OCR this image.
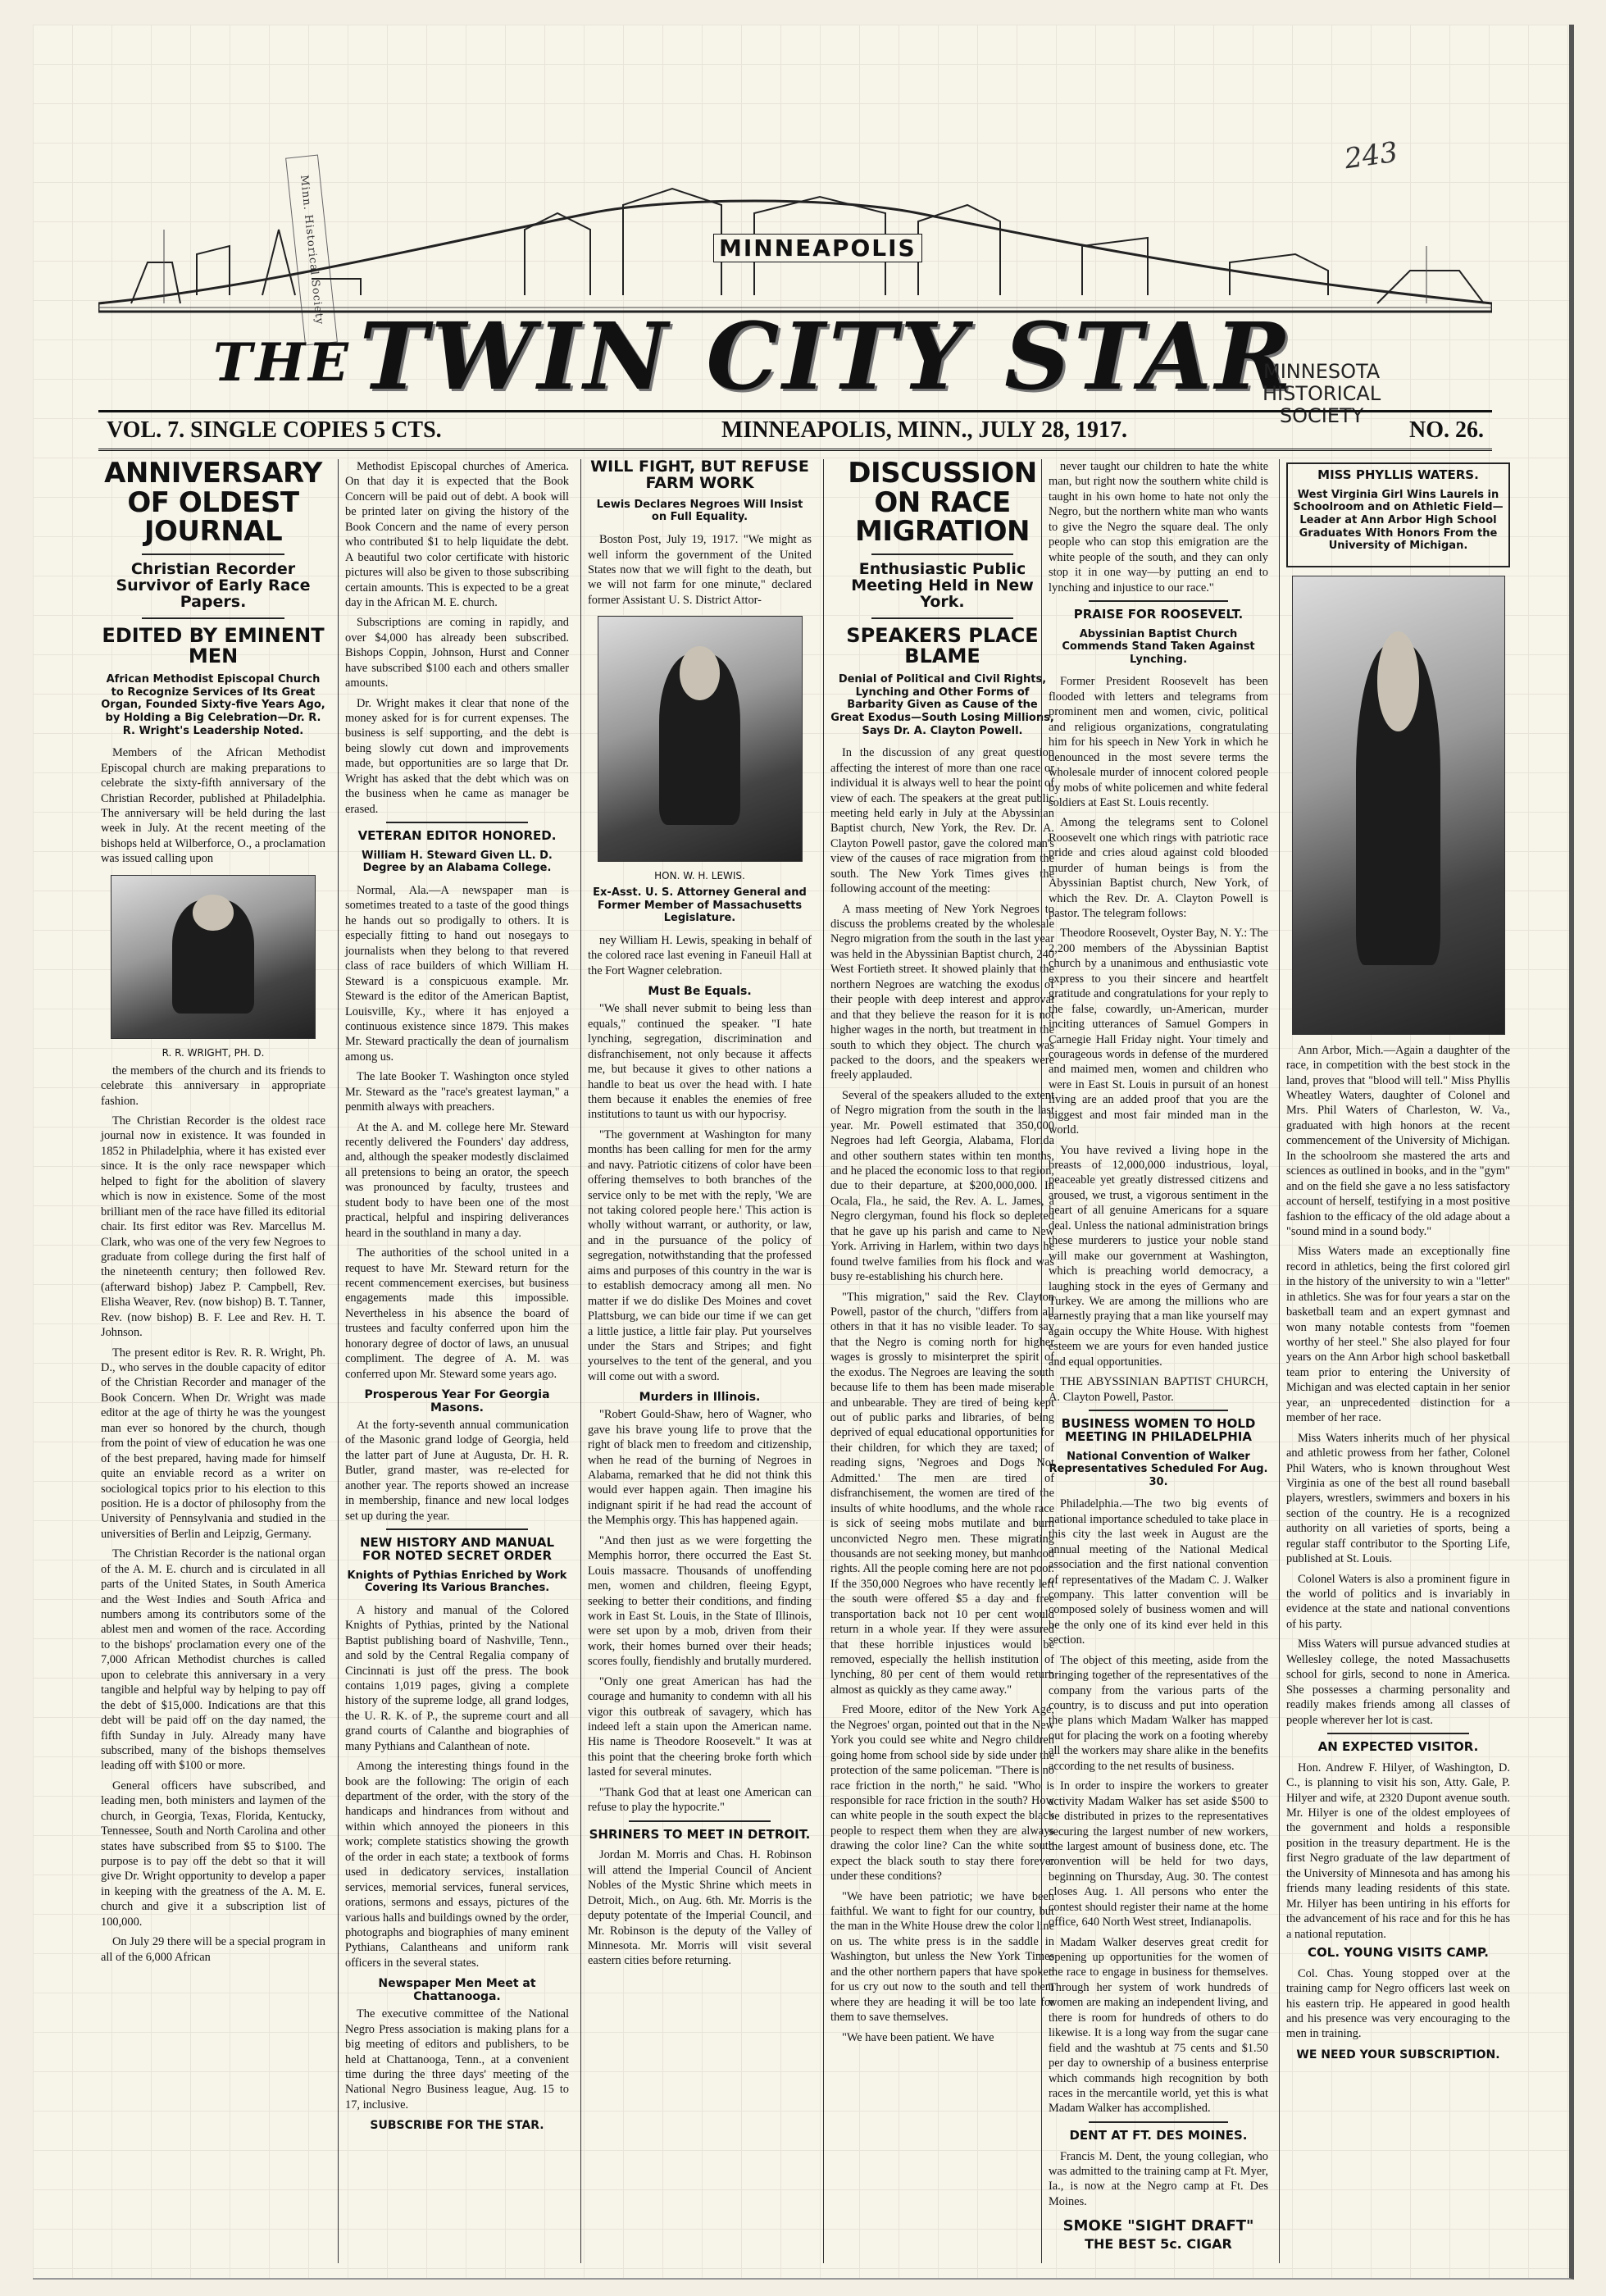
243
Minn. Historical Society	MINNEAPOLIS
THE TWIN CITY STAR
MINNESOTA
HISTORICAL
SOCIETY
VOL. 7. SINGLE COPIES 5 CTS.	MINNEAPOLIS, MINN., JULY 28, 1917.	NO. 26.
ANNIVERSARY OF OLDEST JOURNAL
Christian Recorder Survivor of Early Race Papers.
EDITED BY EMINENT MEN
African Methodist Episcopal Church to Recognize Services of Its Great Organ, Founded Sixty-five Years Ago, by Holding a Big Celebration—Dr. R. R. Wright's Leadership Noted.
Members of the African Methodist Episcopal church are making preparations to celebrate the sixty-fifth anniversary of the Christian Recorder, published at Philadelphia. The anniversary will be held during the last week in July. At the recent meeting of the bishops held at Wilberforce, O., a proclamation was issued calling upon
R. R. WRIGHT, PH. D.
the members of the church and its friends to celebrate this anniversary in appropriate fashion.
The Christian Recorder is the oldest race journal now in existence. It was founded in 1852 in Philadelphia, where it has existed ever since. It is the only race newspaper which helped to fight for the abolition of slavery which is now in existence. Some of the most brilliant men of the race have filled its editorial chair. Its first editor was Rev. Marcellus M. Clark, who was one of the very few Negroes to graduate from college during the first half of the nineteenth century; then followed Rev. (afterward bishop) Jabez P. Campbell, Rev. Elisha Weaver, Rev. (now bishop) B. T. Tanner, Rev. (now bishop) B. F. Lee and Rev. H. T. Johnson.
The present editor is Rev. R. R. Wright, Ph. D., who serves in the double capacity of editor of the Christian Recorder and manager of the Book Concern. When Dr. Wright was made editor at the age of thirty he was the youngest man ever so honored by the church, though from the point of view of education he was one of the best prepared, having made for himself quite an enviable record as a writer on sociological topics prior to his election to this position. He is a doctor of philosophy from the University of Pennsylvania and studied in the universities of Berlin and Leipzig, Germany.
The Christian Recorder is the national organ of the A. M. E. church and is circulated in all parts of the United States, in South America and the West Indies and South Africa and numbers among its contributors some of the ablest men and women of the race. According to the bishops' proclamation every one of the 7,000 African Methodist churches is called upon to celebrate this anniversary in a very tangible and helpful way by helping to pay off the debt of $15,000. Indications are that this debt will be paid off on the day named, the fifth Sunday in July. Already many have subscribed, many of the bishops themselves leading off with $100 or more.
General officers have subscribed, and leading men, both ministers and laymen of the church, in Georgia, Texas, Florida, Kentucky, Tennessee, South and North Carolina and other states have subscribed from $5 to $100. The purpose is to pay off the debt so that it will give Dr. Wright opportunity to develop a paper in keeping with the greatness of the A. M. E. church and give it a subscription list of 100,000.
On July 29 there will be a special program in all of the 6,000 African
Methodist Episcopal churches of America. On that day it is expected that the Book Concern will be paid out of debt. A book will be printed later on giving the history of the Book Concern and the name of every person who contributed $1 to help liquidate the debt. A beautiful two color certificate with historic pictures will also be given to those subscribing certain amounts. This is expected to be a great day in the African M. E. church.
Subscriptions are coming in rapidly, and over $4,000 has already been subscribed. Bishops Coppin, Johnson, Hurst and Conner have subscribed $100 each and others smaller amounts.
Dr. Wright makes it clear that none of the money asked for is for current expenses. The business is self supporting, and the debt is being slowly cut down and improvements made, but opportunities are so large that Dr. Wright has asked that the debt which was on the business when he came as manager be erased.
VETERAN EDITOR HONORED.
William H. Steward Given LL. D. Degree by an Alabama College.
Normal, Ala.—A newspaper man is sometimes treated to a taste of the good things he hands out so prodigally to others. It is especially fitting to hand out nosegays to journalists when they belong to that revered class of race builders of which William H. Steward is a conspicuous example. Mr. Steward is the editor of the American Baptist, Louisville, Ky., where it has enjoyed a continuous existence since 1879. This makes Mr. Steward practically the dean of journalism among us.
The late Booker T. Washington once styled Mr. Steward as the "race's greatest layman," a penmith always with preachers.
At the A. and M. college here Mr. Steward recently delivered the Founders' day address, and, although the speaker modestly disclaimed all pretensions to being an orator, the speech was pronounced by faculty, trustees and student body to have been one of the most practical, helpful and inspiring deliverances heard in the southland in many a day.
The authorities of the school united in a request to have Mr. Steward return for the recent commencement exercises, but business engagements made this impossible. Nevertheless in his absence the board of trustees and faculty conferred upon him the honorary degree of doctor of laws, an unusual compliment. The degree of A. M. was conferred upon Mr. Steward some years ago.
Prosperous Year For Georgia Masons.
At the forty-seventh annual communication of the Masonic grand lodge of Georgia, held the latter part of June at Augusta, Dr. H. R. Butler, grand master, was re-elected for another year. The reports showed an increase in membership, finance and new local lodges set up during the year.
NEW HISTORY AND MANUAL FOR NOTED SECRET ORDER
Knights of Pythias Enriched by Work Covering Its Various Branches.
A history and manual of the Colored Knights of Pythias, printed by the National Baptist publishing board of Nashville, Tenn., and sold by the Central Regalia company of Cincinnati is just off the press. The book contains 1,019 pages, giving a complete history of the supreme lodge, all grand lodges, the U. R. K. of P., the supreme court and all grand courts of Calanthe and biographies of many Pythians and Calanthean of note.
Among the interesting things found in the book are the following: The origin of each department of the order, with the story of the handicaps and hindrances from without and within which annoyed the pioneers in this work; complete statistics showing the growth of the order in each state; a textbook of forms used in dedicatory services, installation services, memorial services, funeral services, orations, sermons and essays, pictures of the various halls and buildings owned by the order, photographs and biographies of many eminent Pythians, Calantheans and uniform rank officers in the several states.
Newspaper Men Meet at Chattanooga.
The executive committee of the National Negro Press association is making plans for a big meeting of editors and publishers, to be held at Chattanooga, Tenn., at a convenient time during the three days' meeting of the National Negro Business league, Aug. 15 to 17, inclusive.
SUBSCRIBE FOR THE STAR.
WILL FIGHT, BUT REFUSE FARM WORK
Lewis Declares Negroes Will Insist on Full Equality.
Boston Post, July 19, 1917. "We might as well inform the government of the United States now that we will fight to the death, but we will not farm for one minute," declared former Assistant U. S. District Attor-
HON. W. H. LEWIS.
Ex-Asst. U. S. Attorney General and Former Member of Massachusetts Legislature.
ney William H. Lewis, speaking in behalf of the colored race last evening in Faneuil Hall at the Fort Wagner celebration.
Must Be Equals.
"We shall never submit to being less than equals," continued the speaker. "I hate lynching, segregation, discrimination and disfranchisement, not only because it affects me, but because it gives to other nations a handle to beat us over the head with. I hate them because it enables the enemies of free institutions to taunt us with our hypocrisy.
"The government at Washington for many months has been calling for men for the army and navy. Patriotic citizens of color have been offering themselves to both branches of the service only to be met with the reply, 'We are not taking colored people here.' This action is wholly without warrant, or authority, or law, and in the pursuance of the policy of segregation, notwithstanding that the professed aims and purposes of this country in the war is to establish democracy among all men. No matter if we do dislike Des Moines and covet Plattsburg, we can bide our time if we can get a little justice, a little fair play. Put yourselves under the Stars and Stripes; and fight yourselves to the tent of the general, and you will come out with a sword.
Murders in Illinois.
"Robert Gould-Shaw, hero of Wagner, who gave his brave young life to prove that the right of black men to freedom and citizenship, when he read of the burning of Negroes in Alabama, remarked that he did not think this would ever happen again. Then imagine his indignant spirit if he had read the account of the Memphis orgy. This has happened again.
"And then just as we were forgetting the Memphis horror, there occurred the East St. Louis massacre. Thousands of unoffending men, women and children, fleeing Egypt, seeking to better their conditions, and finding work in East St. Louis, in the State of Illinois, were set upon by a mob, driven from their work, their homes burned over their heads; scores foully, fiendishly and brutally murdered.
"Only one great American has had the courage and humanity to condemn with all his vigor this outbreak of savagery, which has indeed left a stain upon the American name. His name is Theodore Roosevelt." It was at this point that the cheering broke forth which lasted for several minutes.
"Thank God that at least one American can refuse to play the hypocrite."
SHRINERS TO MEET IN DETROIT.
Jordan M. Morris and Chas. H. Robinson will attend the Imperial Council of Ancient Nobles of the Mystic Shrine which meets in Detroit, Mich., on Aug. 6th. Mr. Morris is the deputy potentate of the Imperial Council, and Mr. Robinson is the deputy of the Valley of Minnesota. Mr. Morris will visit several eastern cities before returning.
DISCUSSION ON RACE MIGRATION
Enthusiastic Public Meeting Held in New York.
SPEAKERS PLACE BLAME
Denial of Political and Civil Rights, Lynching and Other Forms of Barbarity Given as Cause of the Great Exodus—South Losing Millions, Says Dr. A. Clayton Powell.
In the discussion of any great question affecting the interest of more than one race or individual it is always well to hear the point of view of each. The speakers at the great public meeting held early in July at the Abyssinian Baptist church, New York, the Rev. Dr. A. Clayton Powell pastor, gave the colored man's view of the causes of race migration from the south. The New York Times gives the following account of the meeting:
A mass meeting of New York Negroes to discuss the problems created by the wholesale Negro migration from the south in the last year was held in the Abyssinian Baptist church, 240 West Fortieth street. It showed plainly that the northern Negroes are watching the exodus of their people with deep interest and approval and that they believe the reason for it is not higher wages in the north, but treatment in the south to which they object. The church was packed to the doors, and the speakers were freely applauded.
Several of the speakers alluded to the extent of Negro migration from the south in the last year. Mr. Powell estimated that 350,000 Negroes had left Georgia, Alabama, Florida and other southern states within ten months, and he placed the economic loss to that region, due to their departure, at $200,000,000. In Ocala, Fla., he said, the Rev. A. L. James, a Negro clergyman, found his flock so depleted that he gave up his parish and came to New York. Arriving in Harlem, within two days he found twelve families from his flock and was busy re-establishing his church here.
"This migration," said the Rev. Clayton Powell, pastor of the church, "differs from all others in that it has no visible leader. To say that the Negro is coming north for higher wages is grossly to misinterpret the spirit of the exodus. The Negroes are leaving the south because life to them has been made miserable and unbearable. They are tired of being kept out of public parks and libraries, of being deprived of equal educational opportunities for their children, for which they are taxed; of reading signs, 'Negroes and Dogs Not Admitted.' The men are tired of disfranchisement, the women are tired of the insults of white hoodlums, and the whole race is sick of seeing mobs mutilate and burn unconvicted Negro men. These migrating thousands are not seeking money, but manhood rights. All the people coming here are not poor. If the 350,000 Negroes who have recently left the south were offered $5 a day and free transportation back not 10 per cent would return in a whole year. If they were assured that these horrible injustices would be removed, especially the hellish institution of lynching, 80 per cent of them would return almost as quickly as they came away."
Fred Moore, editor of the New York Age, the Negroes' organ, pointed out that in the New York you could see white and Negro children going home from school side by side under the protection of the same policeman. "There is no race friction in the north," he said. "Who is responsible for race friction in the south? How can white people in the south expect the black people to respect them when they are always drawing the color line? Can the white south expect the black south to stay there forever under these conditions?
"We have been patriotic; we have been faithful. We want to fight for our country, but the man in the White House drew the color line on us. The white press is in the saddle in Washington, but unless the New York Times and the other northern papers that have spoken for us cry out now to the south and tell them where they are heading it will be too late for them to save themselves.
"We have been patient. We have
never taught our children to hate the white man, but right now the southern white child is taught in his own home to hate not only the Negro, but the northern white man who wants to give the Negro the square deal. The only people who can stop this emigration are the white people of the south, and they can only stop it in one way—by putting an end to lynching and injustice to our race."
PRAISE FOR ROOSEVELT.
Abyssinian Baptist Church Commends Stand Taken Against Lynching.
Former President Roosevelt has been flooded with letters and telegrams from prominent men and women, civic, political and religious organizations, congratulating him for his speech in New York in which he denounced in the most severe terms the wholesale murder of innocent colored people by mobs of white policemen and white federal soldiers at East St. Louis recently.
Among the telegrams sent to Colonel Roosevelt one which rings with patriotic race pride and cries aloud against cold blooded murder of human beings is from the Abyssinian Baptist church, New York, of which the Rev. Dr. A. Clayton Powell is pastor. The telegram follows:
Theodore Roosevelt, Oyster Bay, N. Y.: The 2,200 members of the Abyssinian Baptist church by a unanimous and enthusiastic vote express to you their sincere and heartfelt gratitude and congratulations for your reply to the false, cowardly, un-American, murder inciting utterances of Samuel Gompers in Carnegie Hall Friday night. Your timely and courageous words in defense of the murdered and maimed men, women and children who were in East St. Louis in pursuit of an honest living are an added proof that you are the biggest and most fair minded man in the world.
You have revived a living hope in the breasts of 12,000,000 industrious, loyal, peaceable yet greatly distressed citizens and aroused, we trust, a vigorous sentiment in the heart of all genuine Americans for a square deal. Unless the national administration brings these murderers to justice your noble stand will make our government at Washington, which is preaching world democracy, a laughing stock in the eyes of Germany and Turkey. We are among the millions who are earnestly praying that a man like yourself may again occupy the White House. With highest esteem we are yours for even handed justice and equal opportunities.
THE ABYSSINIAN BAPTIST CHURCH, A. Clayton Powell, Pastor.
BUSINESS WOMEN TO HOLD MEETING IN PHILADELPHIA
National Convention of Walker Representatives Scheduled For Aug. 30.
Philadelphia.—The two big events of national importance scheduled to take place in this city the last week in August are the annual meeting of the National Medical association and the first national convention of representatives of the Madam C. J. Walker company. This latter convention will be composed solely of business women and will be the only one of its kind ever held in this section.
The object of this meeting, aside from the bringing together of the representatives of the company from the various parts of the country, is to discuss and put into operation the plans which Madam Walker has mapped out for placing the work on a footing whereby all the workers may share alike in the benefits according to the net results of business.
In order to inspire the workers to greater activity Madam Walker has set aside $500 to be distributed in prizes to the representatives securing the largest number of new workers, the largest amount of business done, etc. The convention will be held for two days, beginning on Thursday, Aug. 30. The contest closes Aug. 1. All persons who enter the contest should register their name at the home office, 640 North West street, Indianapolis.
Madam Walker deserves great credit for opening up opportunities for the women of the race to engage in business for themselves. Through her system of work hundreds of women are making an independent living, and there is room for hundreds of others to do likewise. It is a long way from the sugar cane field and the washtub at 75 cents and $1.50 per day to ownership of a business enterprise which commands high recognition by both races in the mercantile world, yet this is what Madam Walker has accomplished.
DENT AT FT. DES MOINES.
Francis M. Dent, the young collegian, who was admitted to the training camp at Ft. Myer, Ia., is now at the Negro camp at Ft. Des Moines.
SMOKE "SIGHT DRAFT"
THE BEST 5c. CIGAR
MISS PHYLLIS WATERS.
West Virginia Girl Wins Laurels in Schoolroom and on Athletic Field—Leader at Ann Arbor High School Graduates With Honors From the University of Michigan.
Ann Arbor, Mich.—Again a daughter of the race, in competition with the best stock in the land, proves that "blood will tell." Miss Phyllis Wheatley Waters, daughter of Colonel and Mrs. Phil Waters of Charleston, W. Va., graduated with high honors at the recent commencement of the University of Michigan. In the schoolroom she mastered the arts and sciences as outlined in books, and in the "gym" and on the field she gave a no less satisfactory account of herself, testifying in a most positive fashion to the efficacy of the old adage about a "sound mind in a sound body."
Miss Waters made an exceptionally fine record in athletics, being the first colored girl in the history of the university to win a "letter" in athletics. She was for four years a star on the basketball team and an expert gymnast and won many notable contests from "foemen worthy of her steel." She also played for four years on the Ann Arbor high school basketball team prior to entering the University of Michigan and was elected captain in her senior year, an unprecedented distinction for a member of her race.
Miss Waters inherits much of her physical and athletic prowess from her father, Colonel Phil Waters, who is known throughout West Virginia as one of the best all round baseball players, wrestlers, swimmers and boxers in his section of the country. He is a recognized authority on all varieties of sports, being a regular staff contributor to the Sporting Life, published at St. Louis.
Colonel Waters is also a prominent figure in the world of politics and is invariably in evidence at the state and national conventions of his party.
Miss Waters will pursue advanced studies at Wellesley college, the noted Massachusetts school for girls, second to none in America. She possesses a charming personality and readily makes friends among all classes of people wherever her lot is cast.
AN EXPECTED VISITOR.
Hon. Andrew F. Hilyer, of Washington, D. C., is planning to visit his son, Atty. Gale, P. Hilyer and wife, at 2320 Dupont avenue south. Mr. Hilyer is one of the oldest employees of the government and holds a responsible position in the treasury department. He is the first Negro graduate of the law department of the University of Minnesota and has among his friends many leading residents of this state. Mr. Hilyer has been untiring in his efforts for the advancement of his race and for this he has a national reputation.
COL. YOUNG VISITS CAMP.
Col. Chas. Young stopped over at the training camp for Negro officers last week on his eastern trip. He appeared in good health and his presence was very encouraging to the men in training.
WE NEED YOUR SUBSCRIPTION.
